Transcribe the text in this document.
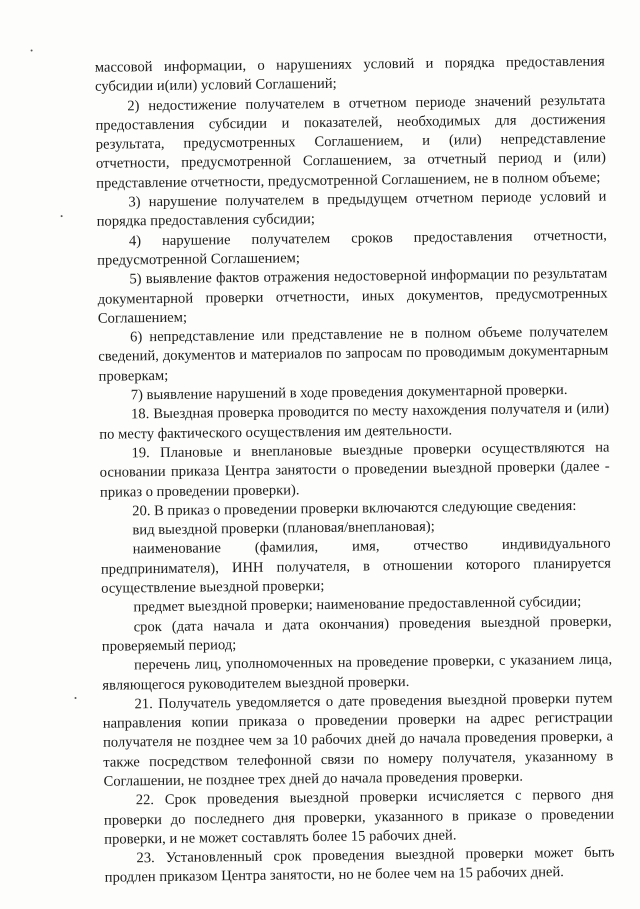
массовой информации, о нарушениях условий и порядка предоставления субсидии и(или) условий Соглашений;

2) недостижение получателем в отчетном периоде значений результата предоставления субсидии и показателей, необходимых для достижения результата, предусмотренных Соглашением, и (или) непредставление отчетности, предусмотренной Соглашением, за отчетный период и (или) представление отчетности, предусмотренной Соглашением, не в полном объеме;

3) нарушение получателем в предыдущем отчетном периоде условий и порядка предоставления субсидии;

4) нарушение получателем сроков предоставления отчетности, предусмотренной Соглашением;

5) выявление фактов отражения недостоверной информации по результатам документарной проверки отчетности, иных документов, предусмотренных Соглашением;

6) непредставление или представление не в полном объеме получателем сведений, документов и материалов по запросам по проводимым документарным проверкам;

7) выявление нарушений в ходе проведения документарной проверки.

18. Выездная проверка проводится по месту нахождения получателя и (или) по месту фактического осуществления им деятельности.

19. Плановые и внеплановые выездные проверки осуществляются на основании приказа Центра занятости о проведении выездной проверки (далее - приказ о проведении проверки).

20. В приказ о проведении проверки включаются следующие сведения:

вид выездной проверки (плановая/внеплановая);

наименование (фамилия, имя, отчество индивидуального предпринимателя), ИНН получателя, в отношении которого планируется осуществление выездной проверки;

предмет выездной проверки; наименование предоставленной субсидии;

срок (дата начала и дата окончания) проведения выездной проверки, проверяемый период;

перечень лиц, уполномоченных на проведение проверки, с указанием лица, являющегося руководителем выездной проверки.

21. Получатель уведомляется о дате проведения выездной проверки путем направления копии приказа о проведении проверки на адрес регистрации получателя не позднее чем за 10 рабочих дней до начала проведения проверки, а также посредством телефонной связи по номеру получателя, указанному в Соглашении, не позднее трех дней до начала проведения проверки.

22. Срок проведения выездной проверки исчисляется с первого дня проверки до последнего дня проверки, указанного в приказе о проведении проверки, и не может составлять более 15 рабочих дней.

23. Установленный срок проведения выездной проверки может быть продлен приказом Центра занятости, но не более чем на 15 рабочих дней.
